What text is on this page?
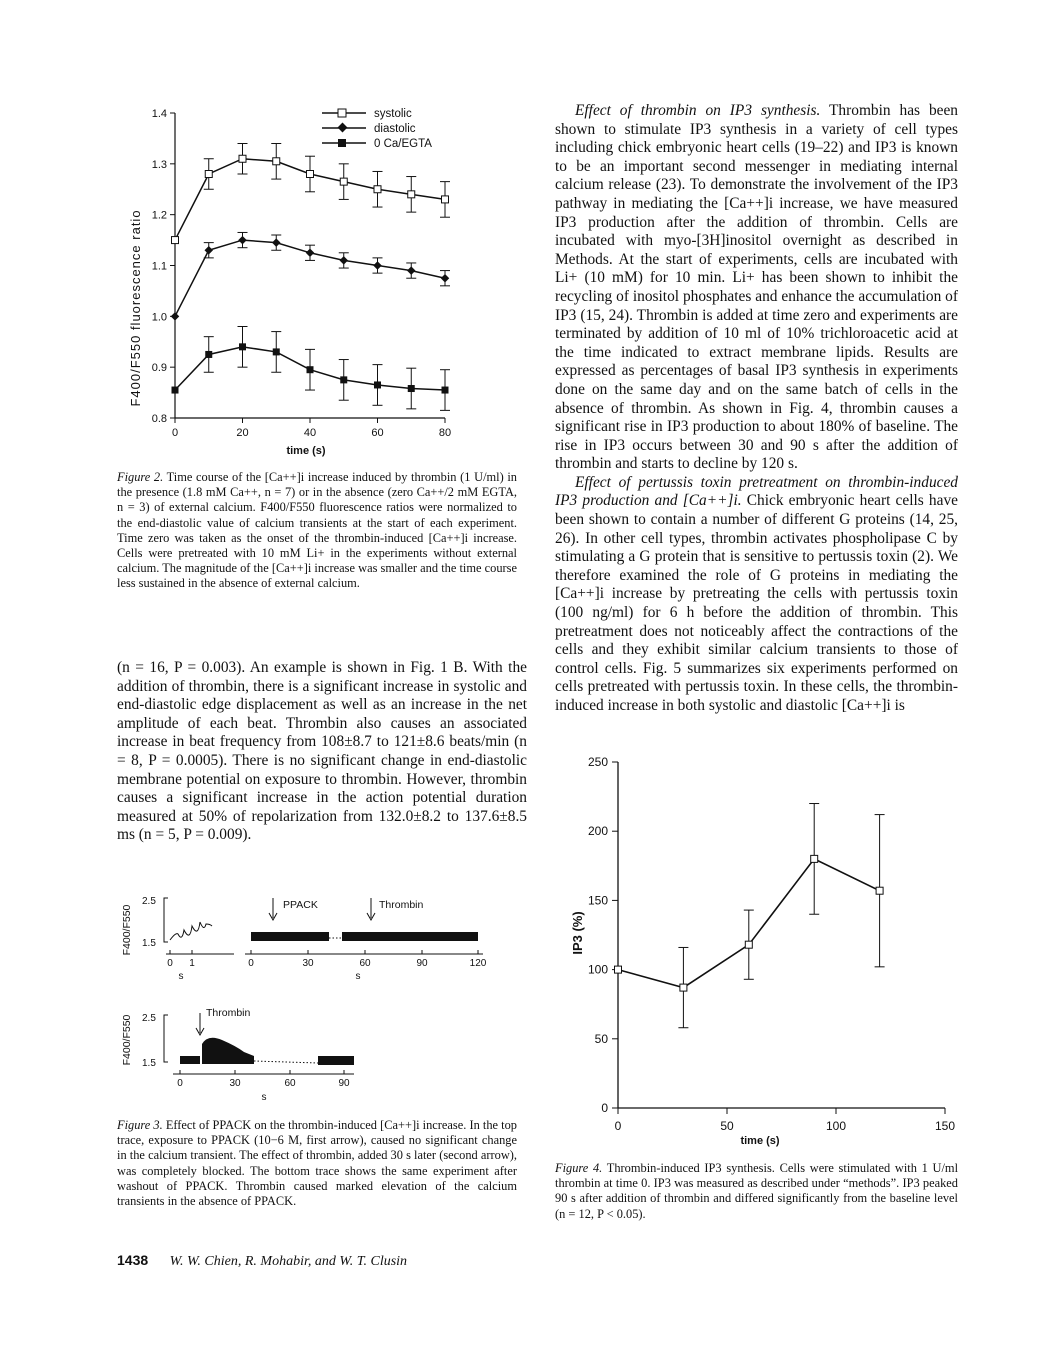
0.8
0.9
1.0
1.1
1.2
1.3
1.4
0	20	40	60	80
F400/F550 fluorescence ratio
time (s)
systolic
diastolic
0 Ca/EGTA
Figure 2. Time course of the [Ca++]i increase induced by thrombin (1 U/ml) in the presence (1.8 mM Ca++, n = 7) or in the absence (zero Ca++/2 mM EGTA, n = 3) of external calcium. F400/F550 fluorescence ratios were normalized to the end-diastolic value of calcium transients at the start of each experiment. Time zero was taken as the onset of the thrombin-induced [Ca++]i increase. Cells were pretreated with 10 mM Li+ in the experiments without external calcium. The magnitude of the [Ca++]i increase was smaller and the time course less sustained in the absence of external calcium.

(n = 16, P = 0.003). An example is shown in Fig. 1 B. With the addition of thrombin, there is a significant increase in systolic and end-diastolic edge displacement as well as an increase in the net amplitude of each beat. Thrombin also causes an associated increase in beat frequency from 108±8.7 to 121±8.6 beats/min (n = 8, P = 0.0005). There is no significant change in end-diastolic membrane potential on exposure to thrombin. However, thrombin causes a significant increase in the action potential duration measured at 50% of repolarization from 132.0±8.2 to 137.6±8.5 ms (n = 5, P = 0.009).

F400/F550
2.5
1.5
0 1
s
PPACK	Thrombin
0	30	60	90	120
s
F400/F550 2.5
1.5
Thrombin
0	30	60	90
s
Figure 3. Effect of PPACK on the thrombin-induced [Ca++]i increase. In the top trace, exposure to PPACK (10−6 M, first arrow), caused no significant change in the calcium transient. The effect of thrombin, added 30 s later (second arrow), was completely blocked. The bottom trace shows the same experiment after washout of PPACK. Thrombin caused marked elevation of the calcium transients in the absence of PPACK.

Effect of thrombin on IP3 synthesis. Thrombin has been shown to stimulate IP3 synthesis in a variety of cell types including chick embryonic heart cells (19–22) and IP3 is known to be an important second messenger in mediating internal calcium release (23). To demonstrate the involvement of the IP3 pathway in mediating the [Ca++]i increase, we have measured IP3 production after the addition of thrombin. Cells are incubated with myo-[3H]inositol overnight as described in Methods. At the start of experiments, cells are incubated with Li+ (10 mM) for 10 min. Li+ has been shown to inhibit the recycling of inositol phosphates and enhance the accumulation of IP3 (15, 24). Thrombin is added at time zero and experiments are terminated by addition of 10 ml of 10% trichloroacetic acid at the time indicated to extract membrane lipids. Results are expressed as percentages of basal IP3 synthesis in experiments done on the same day and on the same batch of cells in the absence of thrombin. As shown in Fig. 4, thrombin causes a significant rise in IP3 production to about 180% of baseline. The rise in IP3 occurs between 30 and 90 s after the addition of thrombin and starts to decline by 120 s.

Effect of pertussis toxin pretreatment on thrombin-induced IP3 production and [Ca++]i. Chick embryonic heart cells have been shown to contain a number of different G proteins (14, 25, 26). In other cell types, thrombin activates phospholipase C by stimulating a G protein that is sensitive to pertussis toxin (2). We therefore examined the role of G proteins in mediating the [Ca++]i increase by pretreating the cells with pertussis toxin (100 ng/ml) for 6 h before the addition of thrombin. This pretreatment does not noticeably affect the contractions of the cells and they exhibit similar calcium transients to those of control cells. Fig. 5 summarizes six experiments performed on cells pretreated with pertussis toxin. In these cells, the thrombin-induced increase in both systolic and diastolic [Ca++]i is

0
50
100
150
200
250
0	50	100	150
IP3 (%)
time (s)
Figure 4. Thrombin-induced IP3 synthesis. Cells were stimulated with 1 U/ml thrombin at time 0. IP3 was measured as described under “methods”. IP3 peaked 90 s after addition of thrombin and differed significantly from the baseline level (n = 12, P < 0.05).
1438 W. W. Chien, R. Mohabir, and W. T. Clusin
